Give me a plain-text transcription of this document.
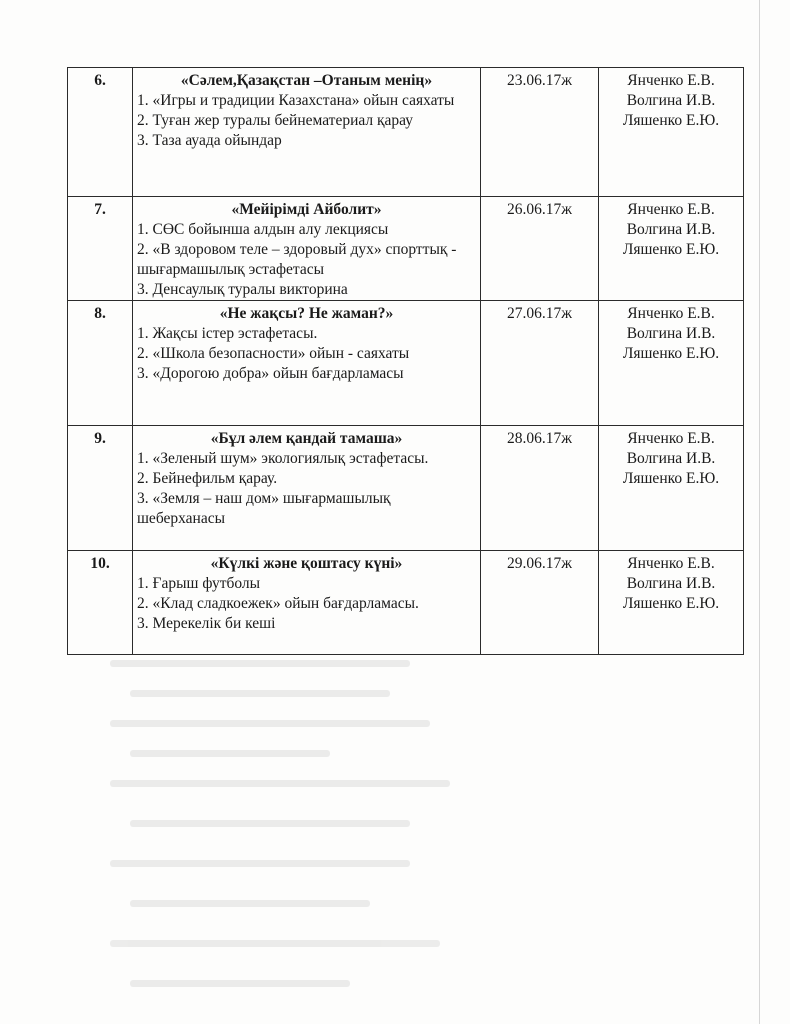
6.	«Сәлем,Қазақстан –Отаным менің»
1. «Игры и традиции Казахстана» ойын саяхаты
2. Туған жер туралы бейнематериал қарау
3. Таза ауада ойындар	23.06.17ж	Янченко Е.В.
Волгина И.В.
Ляшенко Е.Ю.

7.	«Мейірімді Айболит»
1. СӨС бойынша алдын алу лекциясы
2. «В здоровом теле – здоровый дух» спорттық - шығармашылық эстафетасы
3. Денсаулық туралы викторина	26.06.17ж	Янченко Е.В.
Волгина И.В.
Ляшенко Е.Ю.

8.	«Не жақсы? Не жаман?»
1. Жақсы істер эстафетасы.
2. «Школа безопасности» ойын - саяхаты
3. «Дорогою добра» ойын бағдарламасы	27.06.17ж	Янченко Е.В.
Волгина И.В.
Ляшенко Е.Ю.

9.	«Бұл әлем қандай тамаша»
1. «Зеленый шум» экологиялық эстафетасы.
2. Бейнефильм қарау.
3. «Земля – наш дом» шығармашылық шеберханасы	28.06.17ж	Янченко Е.В.
Волгина И.В.
Ляшенко Е.Ю.

10.	«Күлкі және қоштасу күні»
1. Ғарыш футболы
2. «Клад сладкоежек» ойын бағдарламасы.
3. Мерекелік би кеші	29.06.17ж	Янченко Е.В.
Волгина И.В.
Ляшенко Е.Ю.
